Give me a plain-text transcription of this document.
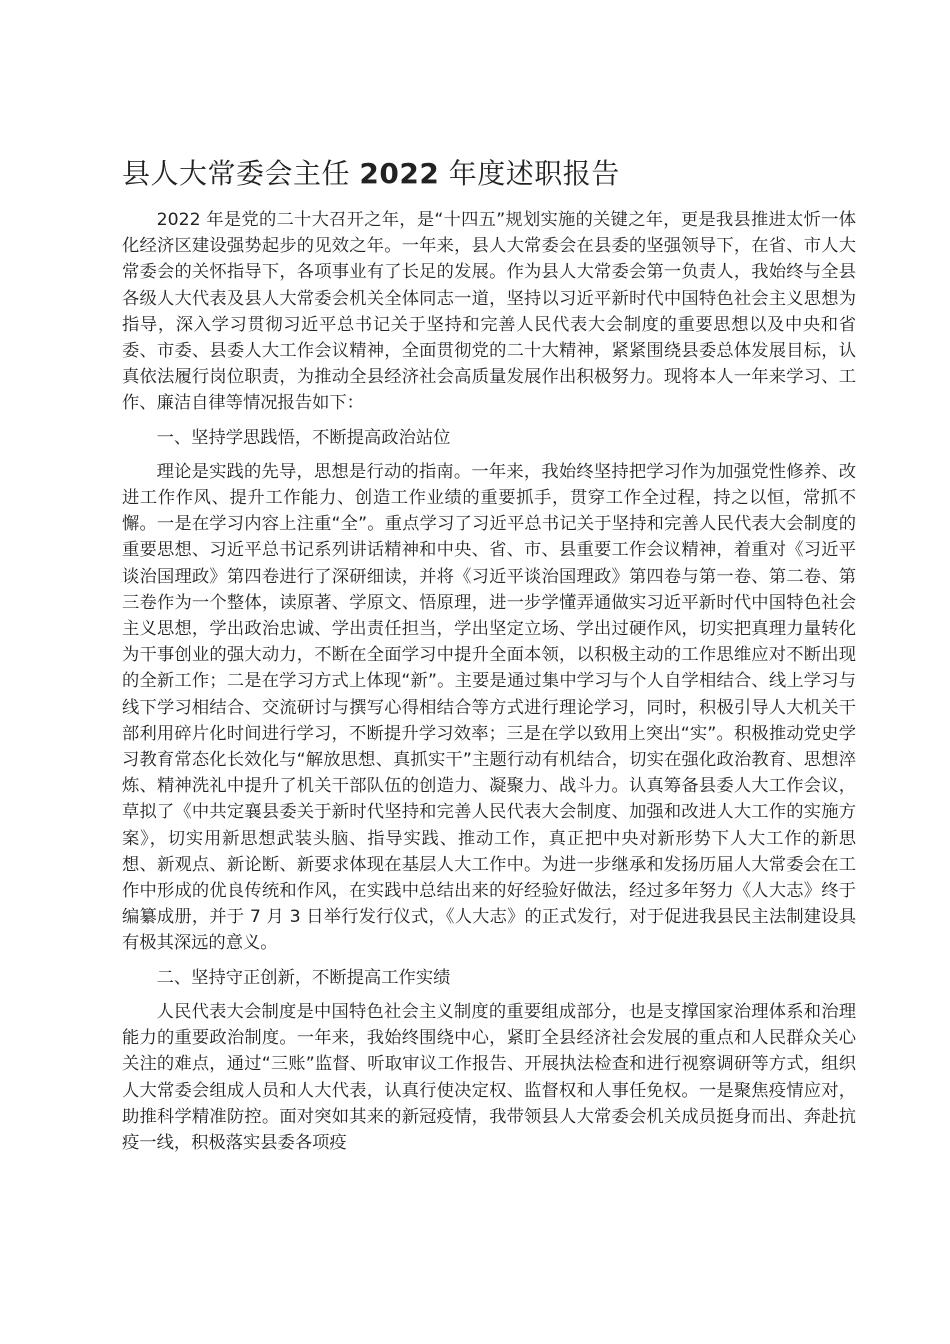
县人大常委会主任 2022 年度述职报告

2022 年是党的二十大召开之年，是“十四五”规划实施的关键之年，更是我县推进太忻一体化经济区建设强势起步的见效之年。一年来，县人大常委会在县委的坚强领导下，在省、市人大常委会的关怀指导下，各项事业有了长足的发展。作为县人大常委会第一负责人，我始终与全县各级人大代表及县人大常委会机关全体同志一道，坚持以习近平新时代中国特色社会主义思想为指导，深入学习贯彻习近平总书记关于坚持和完善人民代表大会制度的重要思想以及中央和省委、市委、县委人大工作会议精神，全面贯彻党的二十大精神，紧紧围绕县委总体发展目标，认真依法履行岗位职责，为推动全县经济社会高质量发展作出积极努力。现将本人一年来学习、工作、廉洁自律等情况报告如下：

一、坚持学思践悟，不断提高政治站位

理论是实践的先导，思想是行动的指南。一年来，我始终坚持把学习作为加强党性修养、改进工作作风、提升工作能力、创造工作业绩的重要抓手，贯穿工作全过程，持之以恒，常抓不懈。一是在学习内容上注重“全”。重点学习了习近平总书记关于坚持和完善人民代表大会制度的重要思想、习近平总书记系列讲话精神和中央、省、市、县重要工作会议精神，着重对《习近平谈治国理政》第四卷进行了深研细读，并将《习近平谈治国理政》第四卷与第一卷、第二卷、第三卷作为一个整体，读原著、学原文、悟原理，进一步学懂弄通做实习近平新时代中国特色社会主义思想，学出政治忠诚、学出责任担当，学出坚定立场、学出过硬作风，切实把真理力量转化为干事创业的强大动力，不断在全面学习中提升全面本领，以积极主动的工作思维应对不断出现的全新工作；二是在学习方式上体现“新”。主要是通过集中学习与个人自学相结合、线上学习与线下学习相结合、交流研讨与撰写心得相结合等方式进行理论学习，同时，积极引导人大机关干部利用碎片化时间进行学习，不断提升学习效率；三是在学以致用上突出“实”。积极推动党史学习教育常态化长效化与“解放思想、真抓实干”主题行动有机结合，切实在强化政治教育、思想淬炼、精神洗礼中提升了机关干部队伍的创造力、凝聚力、战斗力。认真筹备县委人大工作会议，草拟了《中共定襄县委关于新时代坚持和完善人民代表大会制度、加强和改进人大工作的实施方案》，切实用新思想武装头脑、指导实践、推动工作，真正把中央对新形势下人大工作的新思想、新观点、新论断、新要求体现在基层人大工作中。为进一步继承和发扬历届人大常委会在工作中形成的优良传统和作风，在实践中总结出来的好经验好做法，经过多年努力《人大志》终于编纂成册，并于 7 月 3 日举行发行仪式，《人大志》的正式发行，对于促进我县民主法制建设具有极其深远的意义。

二、坚持守正创新，不断提高工作实绩

人民代表大会制度是中国特色社会主义制度的重要组成部分，也是支撑国家治理体系和治理能力的重要政治制度。一年来，我始终围绕中心，紧盯全县经济社会发展的重点和人民群众关心关注的难点，通过“三账”监督、听取审议工作报告、开展执法检查和进行视察调研等方式，组织人大常委会组成人员和人大代表，认真行使决定权、监督权和人事任免权。一是聚焦疫情应对，助推科学精准防控。面对突如其来的新冠疫情，我带领县人大常委会机关成员挺身而出、奔赴抗疫一线，积极落实县委各项疫
